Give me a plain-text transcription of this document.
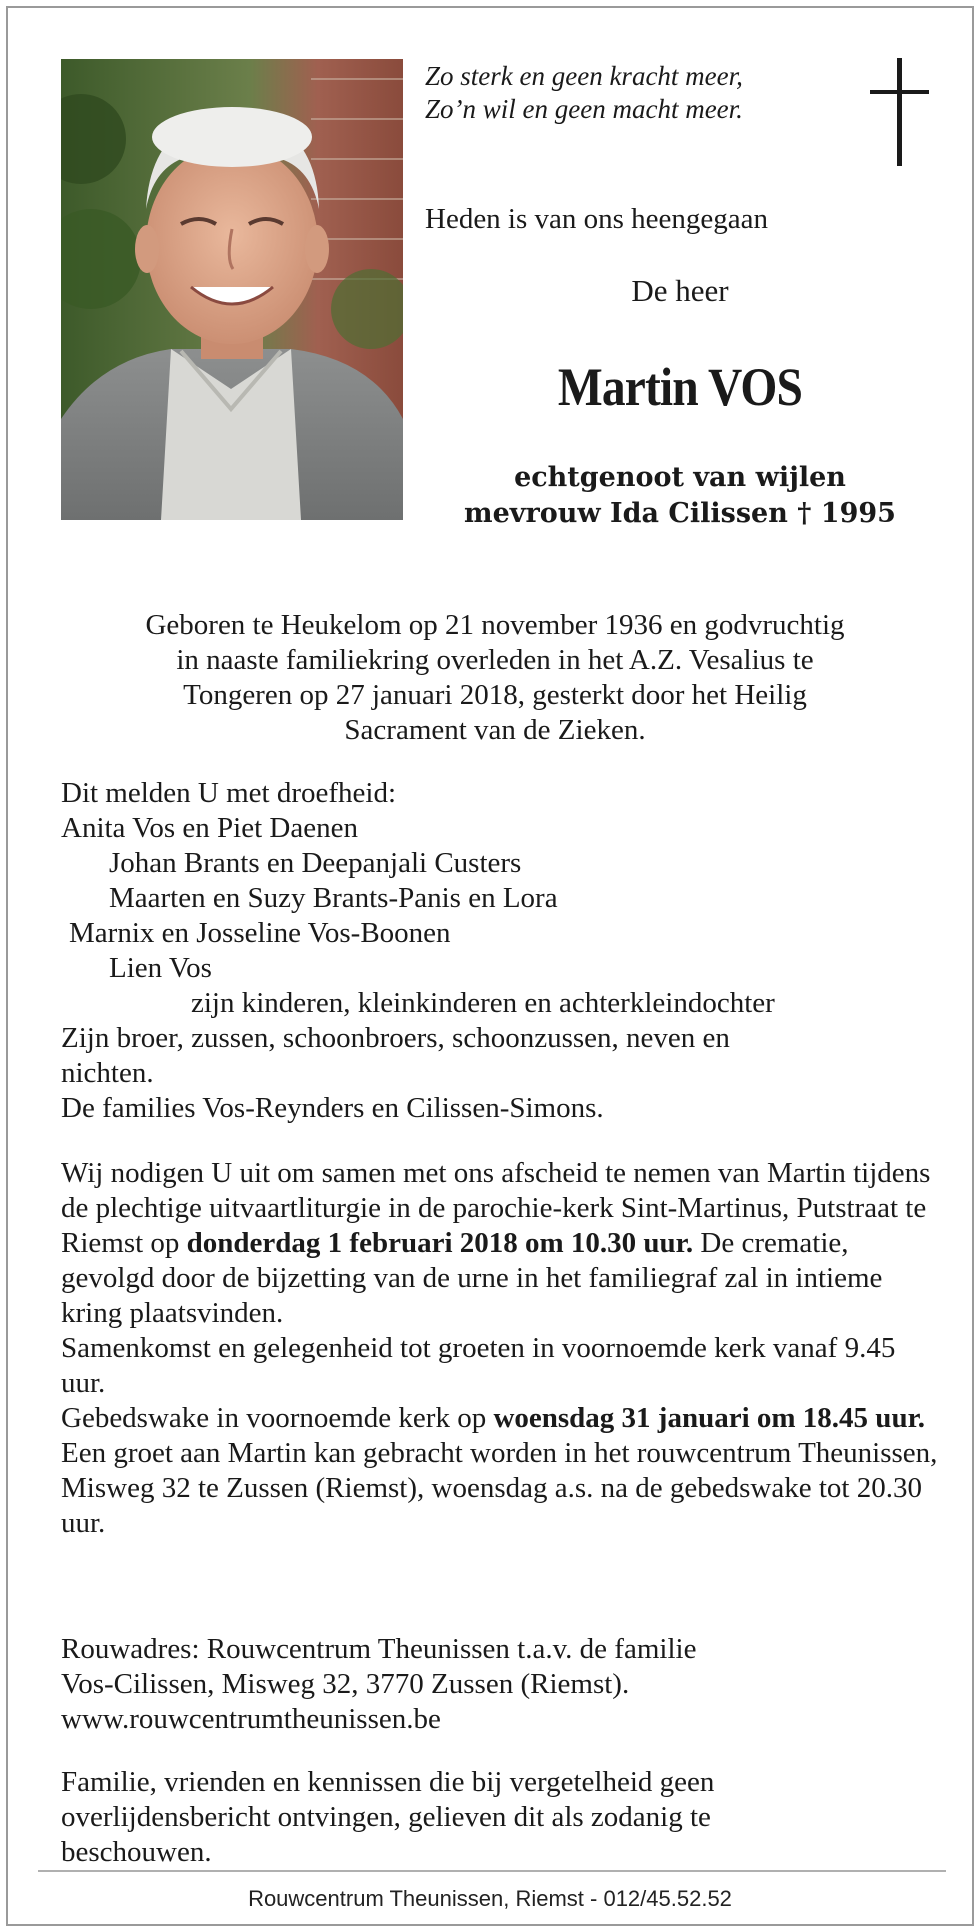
Zo sterk en geen kracht meer,
Zo’n wil en geen macht meer.
Heden is van ons heengegaan
De heer
Martin VOS
echtgenoot van wijlen
mevrouw Ida Cilissen † 1995
Geboren te Heukelom op 21 november 1936 en godvruchtig
in naaste familiekring overleden in het A.Z. Vesalius te
Tongeren op 27 januari 2018, gesterkt door het Heilig
Sacrament van de Zieken.

Dit melden U met droefheid:

Anita Vos en Piet Daenen

Johan Brants en Deepanjali Custers

Maarten en Suzy Brants-Panis en Lora

Marnix en Josseline Vos-Boonen

Lien Vos

zijn kinderen, kleinkinderen en achterkleindochter

Zijn broer, zussen, schoonbroers, schoonzussen, neven en

nichten.

De families Vos-Reynders en Cilissen-Simons.

Wij nodigen U uit om samen met ons afscheid te nemen van Martin tijdens de plechtige uitvaartliturgie in de parochie-kerk Sint-Martinus, Putstraat te Riemst op donderdag 1 februari 2018 om 10.30 uur. De crematie, gevolgd door de bijzetting van de urne in het familiegraf zal in intieme kring plaatsvinden.

Samenkomst en gelegenheid tot groeten in voornoemde kerk vanaf 9.45 uur.

Gebedswake in voornoemde kerk op woensdag 31 januari om 18.45 uur.

Een groet aan Martin kan gebracht worden in het rouwcentrum Theunissen, Misweg 32 te Zussen (Riemst), woensdag a.s. na de gebedswake tot 20.30 uur.

Rouwadres: Rouwcentrum Theunissen t.a.v. de familie

Vos-Cilissen, Misweg 32, 3770 Zussen (Riemst).

www.rouwcentrumtheunissen.be

Familie, vrienden en kennissen die bij vergetelheid geen

overlijdensbericht ontvingen, gelieven dit als zodanig te

beschouwen.

Rouwcentrum Theunissen, Riemst - 012/45.52.52
